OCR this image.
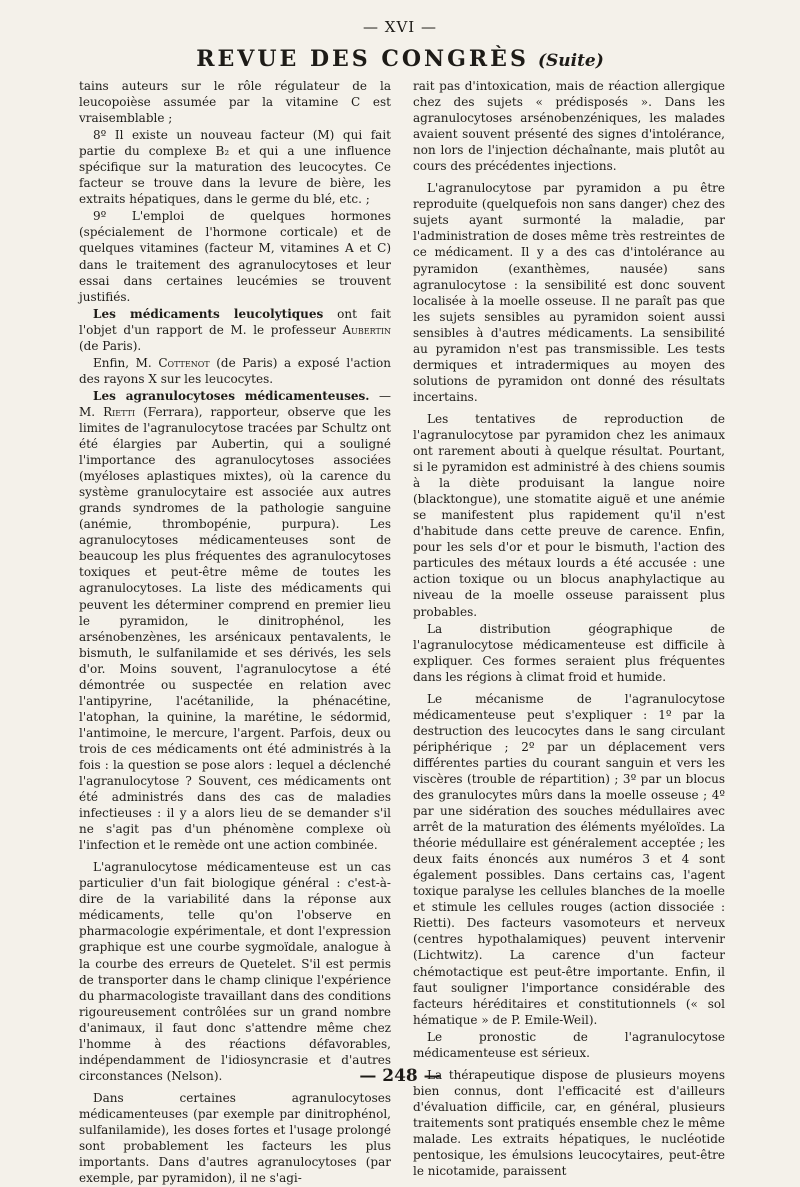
— XVI —
REVUE DES CONGRÈS (Suite)

tains auteurs sur le rôle régulateur de la leucopoièse assumée par la vitamine C est vraisemblable ;

8º Il existe un nouveau facteur (M) qui fait partie du complexe B₂ et qui a une influence spécifique sur la maturation des leucocytes. Ce facteur se trouve dans la levure de bière, les extraits hépatiques, dans le germe du blé, etc. ;

9º L'emploi de quelques hormones (spécialement de l'hormone corticale) et de quelques vitamines (facteur M, vitamines A et C) dans le traitement des agranulocytoses et leur essai dans certaines leucémies se trouvent justifiés.

Les médicaments leucolytiques ont fait l'objet d'un rapport de M. le professeur Aubertin (de Paris).

Enfin, M. Cottenot (de Paris) a exposé l'action des rayons X sur les leucocytes.

Les agranulocytoses médicamenteuses. — M. Rietti (Ferrara), rapporteur, observe que les limites de l'agranulocytose tracées par Schultz ont été élargies par Aubertin, qui a souligné l'importance des agranulocytoses associées (myéloses aplastiques mixtes), où la carence du système granulocytaire est associée aux autres grands syndromes de la pathologie sanguine (anémie, thrombopénie, purpura). Les agranulocytoses médicamenteuses sont de beaucoup les plus fréquentes des agranulocytoses toxiques et peut-être même de toutes les agranulocytoses. La liste des médicaments qui peuvent les déterminer comprend en premier lieu le pyramidon, le dinitrophénol, les arsénobenzènes, les arsénicaux pentavalents, le bismuth, le sulfanilamide et ses dérivés, les sels d'or. Moins souvent, l'agranulocytose a été démontrée ou suspectée en relation avec l'antipyrine, l'acétanilide, la phénacétine, l'atophan, la quinine, la marétine, le sédormid, l'antimoine, le mercure, l'argent. Parfois, deux ou trois de ces médicaments ont été administrés à la fois : la question se pose alors : lequel a déclenché l'agranulocytose ? Souvent, ces médicaments ont été administrés dans des cas de maladies infectieuses : il y a alors lieu de se demander s'il ne s'agit pas d'un phénomène complexe où l'infection et le remède ont une action combinée.

L'agranulocytose médicamenteuse est un cas particulier d'un fait biologique général : c'est-à-dire de la variabilité dans la réponse aux médicaments, telle qu'on l'observe en pharmacologie expérimentale, et dont l'expression graphique est une courbe sygmoïdale, analogue à la courbe des erreurs de Quetelet. S'il est permis de transporter dans le champ clinique l'expérience du pharmacologiste travaillant dans des conditions rigoureusement contrôlées sur un grand nombre d'animaux, il faut donc s'attendre même chez l'homme à des réactions défavorables, indépendamment de l'idiosyncrasie et d'autres circonstances (Nelson).

Dans certaines agranulocytoses médicamenteuses (par exemple par dinitrophénol, sulfanilamide), les doses fortes et l'usage prolongé sont probablement les facteurs les plus importants. Dans d'autres agranulocytoses (par exemple, par pyramidon), il ne s'agi-

rait pas d'intoxication, mais de réaction allergique chez des sujets « prédisposés ». Dans les agranulocytoses arsénobenzéniques, les malades avaient souvent présenté des signes d'intolérance, non lors de l'injection déchaînante, mais plutôt au cours des précédentes injections.

L'agranulocytose par pyramidon a pu être reproduite (quelquefois non sans danger) chez des sujets ayant surmonté la maladie, par l'administration de doses même très restreintes de ce médicament. Il y a des cas d'intolérance au pyramidon (exanthèmes, nausée) sans agranulocytose : la sensibilité est donc souvent localisée à la moelle osseuse. Il ne paraît pas que les sujets sensibles au pyramidon soient aussi sensibles à d'autres médicaments. La sensibilité au pyramidon n'est pas transmissible. Les tests dermiques et intradermiques au moyen des solutions de pyramidon ont donné des résultats incertains.

Les tentatives de reproduction de l'agranulocytose par pyramidon chez les animaux ont rarement abouti à quelque résultat. Pourtant, si le pyramidon est administré à des chiens soumis à la diète produisant la langue noire (blacktongue), une stomatite aiguë et une anémie se manifestent plus rapidement qu'il n'est d'habitude dans cette preuve de carence. Enfin, pour les sels d'or et pour le bismuth, l'action des particules des métaux lourds a été accusée : une action toxique ou un blocus anaphylactique au niveau de la moelle osseuse paraissent plus probables.

La distribution géographique de l'agranulocytose médicamenteuse est difficile à expliquer. Ces formes seraient plus fréquentes dans les régions à climat froid et humide.

Le mécanisme de l'agranulocytose médicamenteuse peut s'expliquer : 1º par la destruction des leucocytes dans le sang circulant périphérique ; 2º par un déplacement vers différentes parties du courant sanguin et vers les viscères (trouble de répartition) ; 3º par un blocus des granulocytes mûrs dans la moelle osseuse ; 4º par une sidération des souches médullaires avec arrêt de la maturation des éléments myéloïdes. La théorie médullaire est généralement acceptée ; les deux faits énoncés aux numéros 3 et 4 sont également possibles. Dans certains cas, l'agent toxique paralyse les cellules blanches de la moelle et stimule les cellules rouges (action dissociée : Rietti). Des facteurs vasomoteurs et nerveux (centres hypothalamiques) peuvent intervenir (Lichtwitz). La carence d'un facteur chémotactique est peut-être importante. Enfin, il faut souligner l'importance considérable des facteurs héréditaires et constitutionnels (« sol hématique » de P. Emile-Weil).

Le pronostic de l'agranulocytose médicamenteuse est sérieux.

La thérapeutique dispose de plusieurs moyens bien connus, dont l'efficacité est d'ailleurs d'évaluation difficile, car, en général, plusieurs traitements sont pratiqués ensemble chez le même malade. Les extraits hépatiques, le nucléotide pentosique, les émulsions leucocytaires, peut-être le nicotamide, paraissent

— 248 —
